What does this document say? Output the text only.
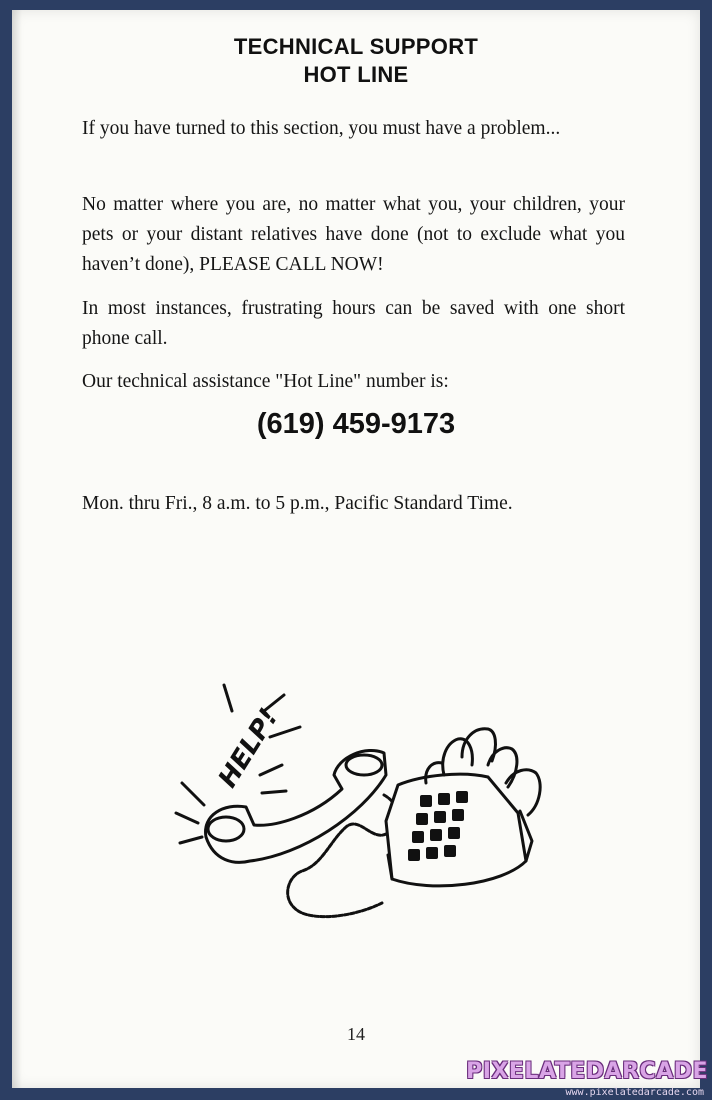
TECHNICAL SUPPORT
HOT LINE

If you have turned to this section, you must have a problem...

No matter where you are, no matter what you, your children, your pets or your distant relatives have done (not to exclude what you haven’t done), PLEASE CALL NOW!

In most instances, frustrating hours can be saved with one short phone call.

Our technical assistance "Hot Line" number is:

(619) 459-9173

Mon. thru Fri., 8 a.m. to 5 p.m., Pacific Standard Time.

HELP!
14
PIXELATEDARCADE
www.pixelatedarcade.com
